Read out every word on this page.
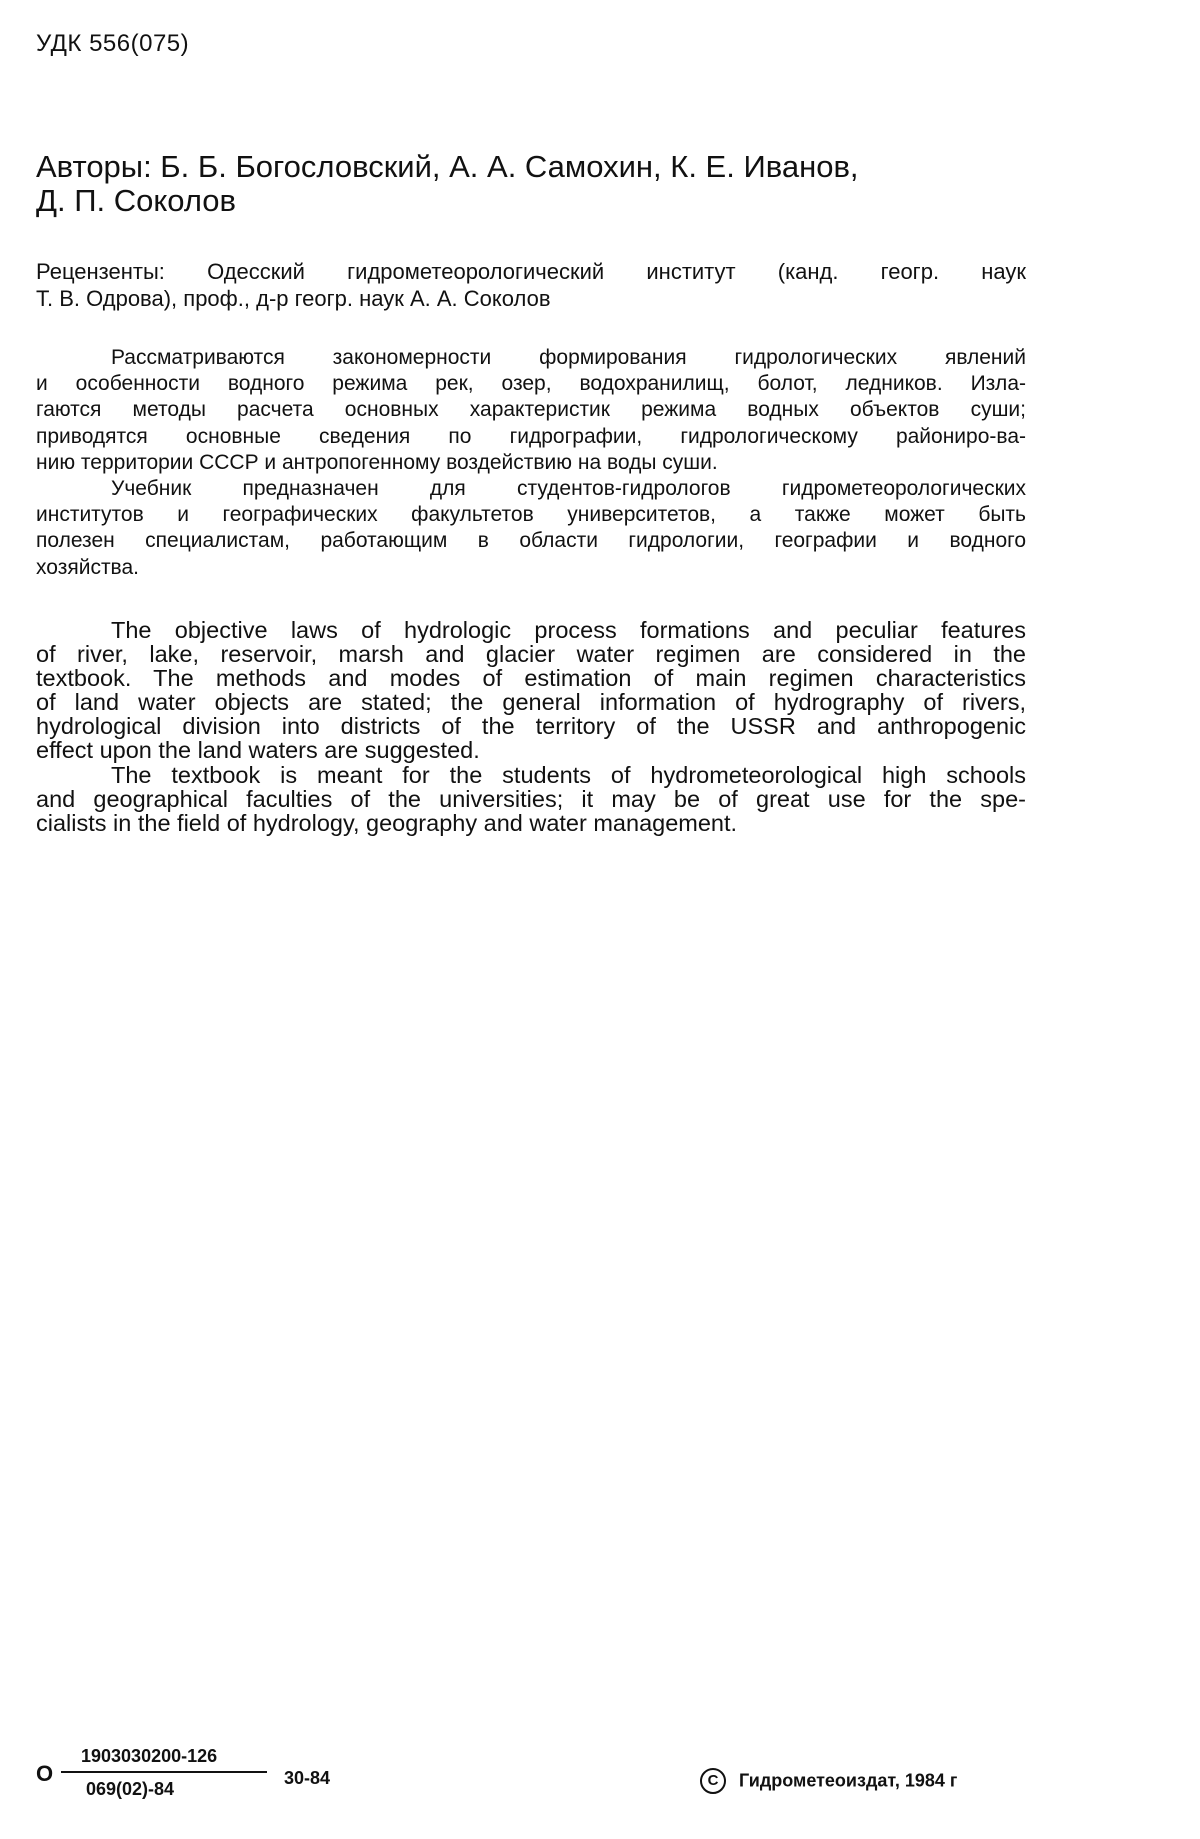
УДК 556(075)
Авторы: Б. Б. Богословский, А. А. Самохин, К. Е. Иванов,
Д. П. Соколов
Рецензенты: Одесский гидрометеорологический институт (канд. геогр. наук
Т. В. Одрова), проф., д-р геогр. наук А. А. Соколов
Рассматриваются закономерности формирования гидрологических явлений
и особенности водного режима рек, озер, водохранилищ, болот, ледников. Изла-
гаются методы расчета основных характеристик режима водных объектов суши;
приводятся основные сведения по гидрографии, гидрологическому райониро-ва-
нию территории СССР и антропогенному воздействию на воды суши.
Учебник предназначен для студентов-гидрологов гидрометеорологических
институтов и географических факультетов университетов, а также может быть
полезен специалистам, работающим в области гидрологии, географии и водного
хозяйства.
The objective laws of hydrologic process formations and peculiar features
of river, lake, reservoir, marsh and glacier water regimen are considered in the
textbook. The methods and modes of estimation of main regimen characteristics
of land water objects are stated; the general information of hydrography of rivers,
hydrological division into districts of the territory of the USSR and anthropogenic
effect upon the land waters are suggested.
The textbook is meant for the students of hydrometeorological high schools
and geographical faculties of the universities; it may be of great use for the spe-
cialists in the field of hydrology, geography and water management.
О
1903030200-126
069(02)-84
30-84	C Гидрометеоиздат, 1984 г
